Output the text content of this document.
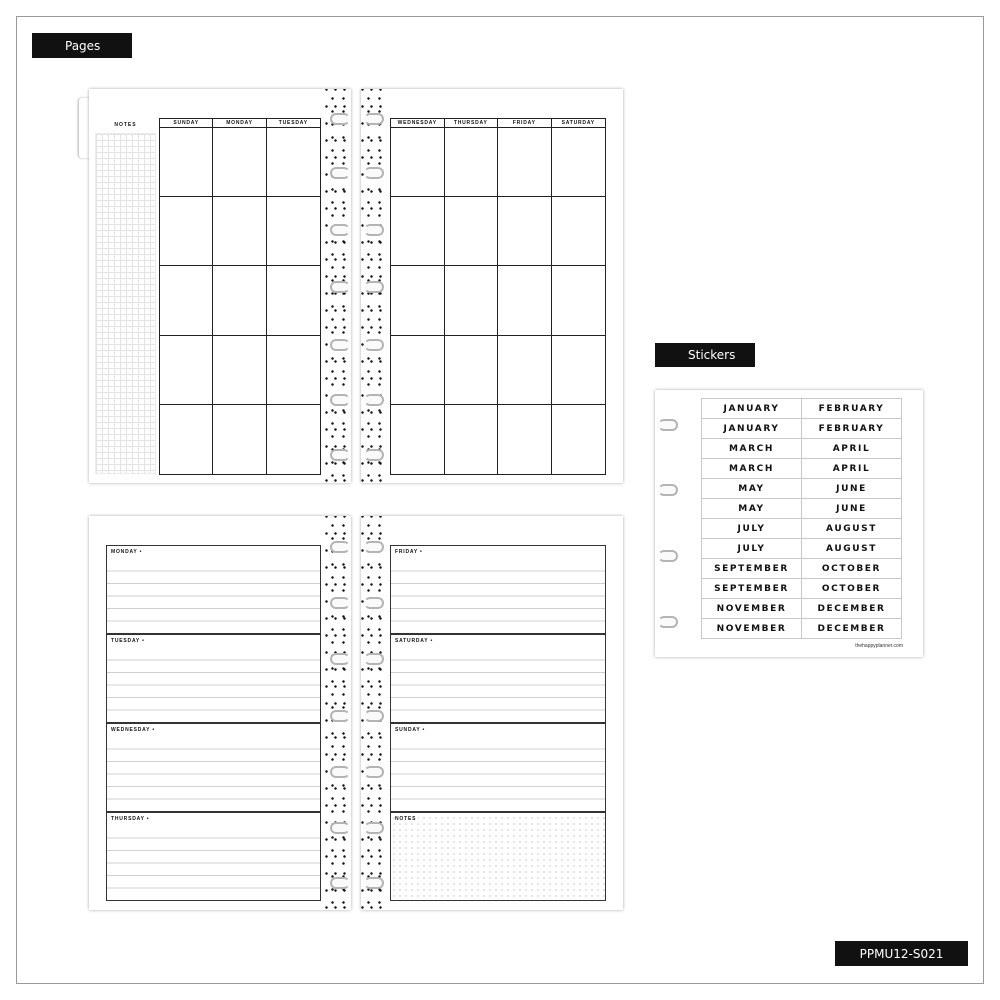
Pages
NOTES	SUNDAY	MONDAY	TUESDAY	WEDNESDAY	THURSDAY	FRIDAY	SATURDAY
MONDAY •
TUESDAY •
WEDNESDAY •
THURSDAY •
FRIDAY •
SATURDAY •
SUNDAY •
NOTES
Stickers
JANUARY	FEBRUARY
JANUARY	FEBRUARY
MARCH	APRIL
MARCH	APRIL
MAY	JUNE
MAY	JUNE
JULY	AUGUST
JULY	AUGUST
SEPTEMBER	OCTOBER
SEPTEMBER	OCTOBER
NOVEMBER	DECEMBER
NOVEMBER	DECEMBER
thehappyplanner.com
PPMU12-S021
